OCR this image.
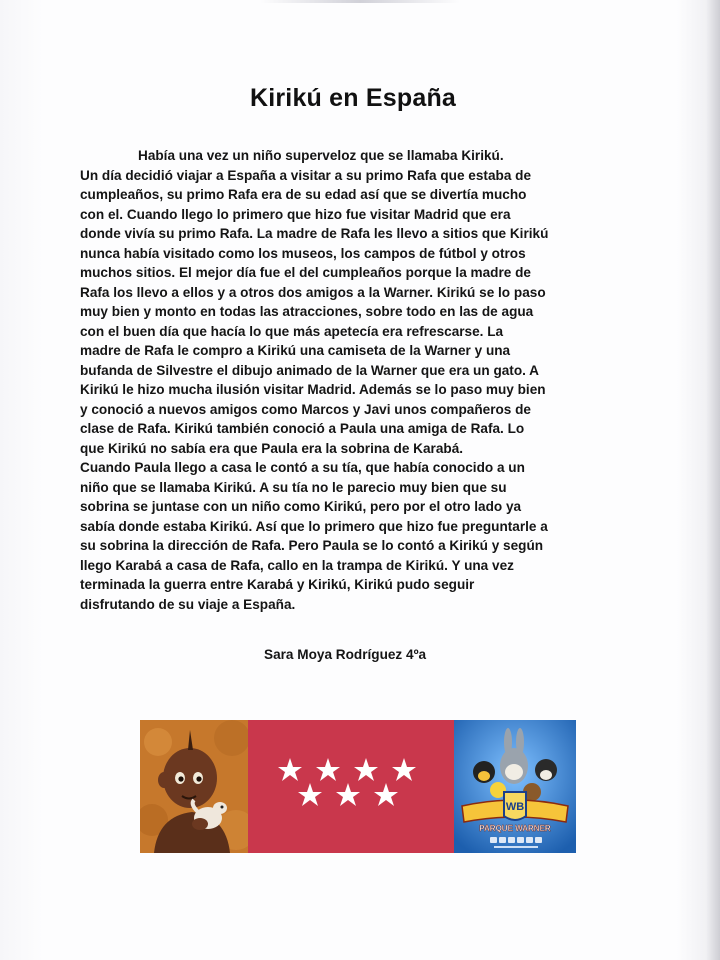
Kirikú en España

Había una vez un niño superveloz que se llamaba Kirikú.

Un día decidió viajar a España a visitar a su primo Rafa que estaba de

cumpleaños, su primo Rafa era de su edad así que se divertía mucho

con el. Cuando llego lo primero que hizo fue visitar Madrid que era

donde vivía su primo Rafa. La madre de Rafa les llevo a sitios que Kirikú

nunca había visitado como los museos, los campos de fútbol y otros

muchos sitios. El mejor día fue el del cumpleaños porque la madre de

Rafa los llevo a ellos y a otros dos amigos a la Warner. Kirikú se lo paso

muy bien y monto en todas las atracciones, sobre todo en las de agua

con el buen día que hacía lo que más apetecía era refrescarse. La

madre de Rafa le compro a Kirikú una camiseta de la Warner y una

bufanda de Silvestre el dibujo animado de la Warner que era un gato. A

Kirikú le hizo mucha ilusión visitar Madrid. Además se lo paso muy bien

y conoció a nuevos amigos como Marcos y Javi unos compañeros de

clase de Rafa. Kirikú también conoció a Paula una amiga de Rafa. Lo

que Kirikú no sabía era que Paula era la sobrina de Karabá.

Cuando Paula llego a casa le contó a su tía, que había conocido a un

niño que se llamaba Kirikú. A su tía no le parecio muy bien que su

sobrina se juntase con un niño como Kirikú, pero por el otro lado ya

sabía donde estaba Kirikú. Así que lo primero que hizo fue preguntarle a

su sobrina la dirección de Rafa. Pero Paula se lo contó a Kirikú y según

llego Karabá a casa de Rafa, callo en la trampa de Kirikú. Y una vez

terminada la guerra entre Karabá y Kirikú, Kirikú pudo seguir

disfrutando de su viaje a España.

Sara Moya Rodríguez 4ºa
WB
PARQUE WARNER
